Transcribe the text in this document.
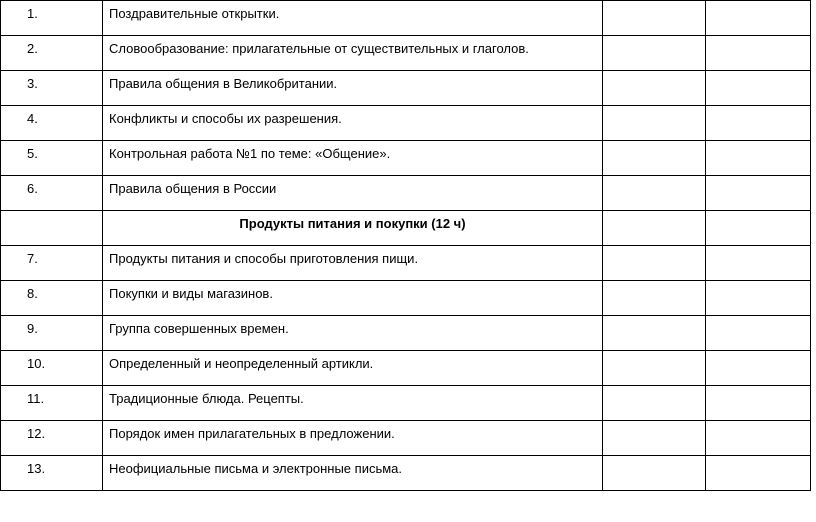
1.	Поздравительные открытки.		
2.	Словообразование: прилагательные от существительных и глаголов.		
3.	Правила общения в Великобритании.		
4.	Конфликты и способы их разрешения.		
5.	Контрольная работа №1 по теме: «Общение».		
6.	Правила общения в России		
	Продукты питания и покупки (12 ч)		
7.	Продукты питания и способы приготовления пищи.		
8.	Покупки и виды магазинов.		
9.	Группа совершенных времен.		
10.	Определенный и неопределенный артикли.		
11.	Традиционные блюда. Рецепты.		
12.	Порядок имен прилагательных в предложении.		
13.	Неофициальные письма и электронные письма.		
